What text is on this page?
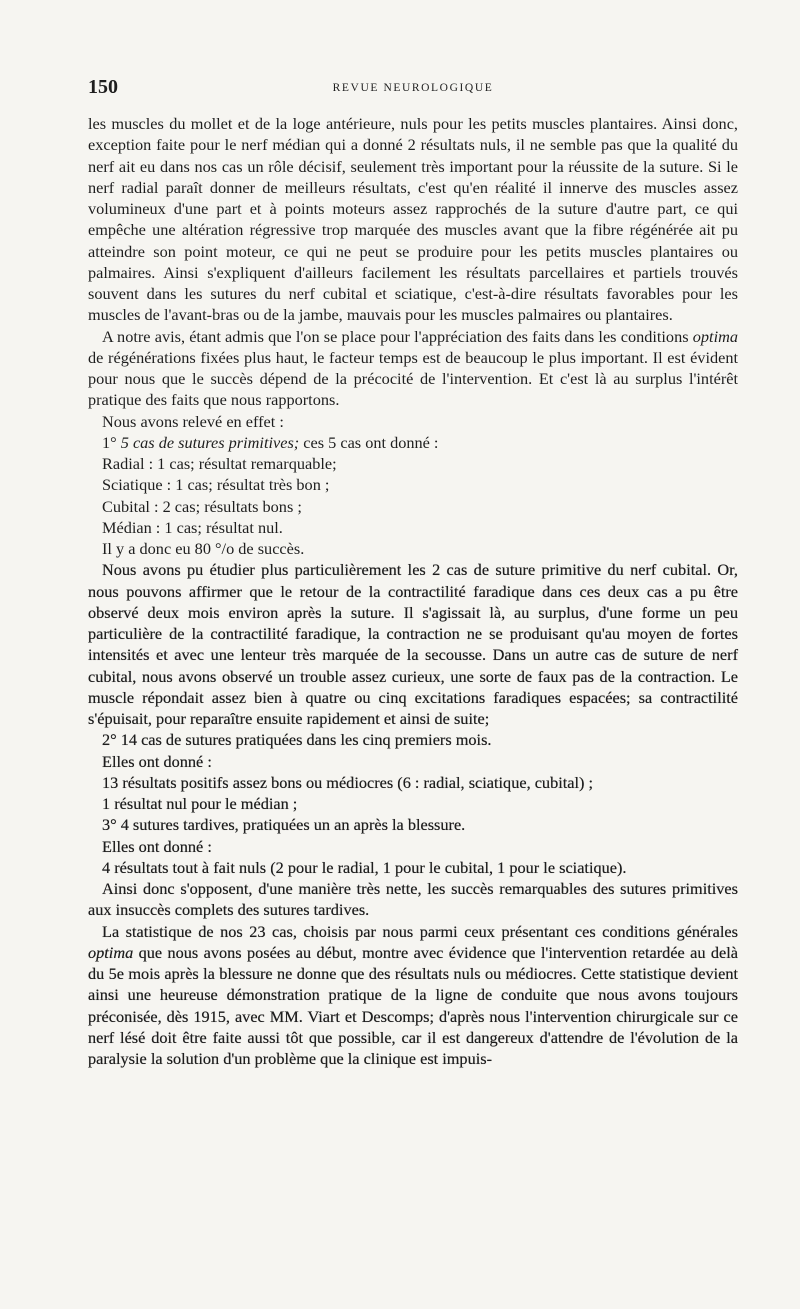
150	REVUE NEUROLOGIQUE

les muscles du mollet et de la loge antérieure, nuls pour les petits muscles plantaires. Ainsi donc, exception faite pour le nerf médian qui a donné 2 résultats nuls, il ne semble pas que la qualité du nerf ait eu dans nos cas un rôle décisif, seulement très important pour la réussite de la suture. Si le nerf radial paraît donner de meilleurs résultats, c'est qu'en réalité il innerve des muscles assez volumineux d'une part et à points moteurs assez rapprochés de la suture d'autre part, ce qui empêche une altération régressive trop marquée des muscles avant que la fibre régénérée ait pu atteindre son point moteur, ce qui ne peut se produire pour les petits muscles plantaires ou palmaires. Ainsi s'expliquent d'ailleurs facilement les résultats parcellaires et partiels trouvés souvent dans les sutures du nerf cubital et sciatique, c'est-à-dire résultats favorables pour les muscles de l'avant-bras ou de la jambe, mauvais pour les muscles palmaires ou plantaires.

A notre avis, étant admis que l'on se place pour l'appréciation des faits dans les conditions optima de régénérations fixées plus haut, le facteur temps est de beaucoup le plus important. Il est évident pour nous que le succès dépend de la précocité de l'intervention. Et c'est là au surplus l'intérêt pratique des faits que nous rapportons.

Nous avons relevé en effet :

1° 5 cas de sutures primitives; ces 5 cas ont donné :

Radial : 1 cas; résultat remarquable;

Sciatique : 1 cas; résultat très bon ;

Cubital : 2 cas; résultats bons ;

Médian : 1 cas; résultat nul.

Il y a donc eu 80 °/o de succès.

Nous avons pu étudier plus particulièrement les 2 cas de suture primitive du nerf cubital. Or, nous pouvons affirmer que le retour de la contractilité faradique dans ces deux cas a pu être observé deux mois environ après la suture. Il s'agissait là, au surplus, d'une forme un peu particulière de la contractilité faradique, la contraction ne se produisant qu'au moyen de fortes intensités et avec une lenteur très marquée de la secousse. Dans un autre cas de suture de nerf cubital, nous avons observé un trouble assez curieux, une sorte de faux pas de la contraction. Le muscle répondait assez bien à quatre ou cinq excitations faradiques espacées; sa contractilité s'épuisait, pour reparaître ensuite rapidement et ainsi de suite;

2° 14 cas de sutures pratiquées dans les cinq premiers mois.

Elles ont donné :

13 résultats positifs assez bons ou médiocres (6 : radial, sciatique, cubital) ;

1 résultat nul pour le médian ;

3° 4 sutures tardives, pratiquées un an après la blessure.

Elles ont donné :

4 résultats tout à fait nuls (2 pour le radial, 1 pour le cubital, 1 pour le sciatique).

Ainsi donc s'opposent, d'une manière très nette, les succès remarquables des sutures primitives aux insuccès complets des sutures tardives.

La statistique de nos 23 cas, choisis par nous parmi ceux présentant ces conditions générales optima que nous avons posées au début, montre avec évidence que l'intervention retardée au delà du 5e mois après la blessure ne donne que des résultats nuls ou médiocres. Cette statistique devient ainsi une heureuse démonstration pratique de la ligne de conduite que nous avons toujours préconisée, dès 1915, avec MM. Viart et Descomps; d'après nous l'intervention chirurgicale sur ce nerf lésé doit être faite aussi tôt que possible, car il est dangereux d'attendre de l'évolution de la paralysie la solution d'un problème que la clinique est impuis-
